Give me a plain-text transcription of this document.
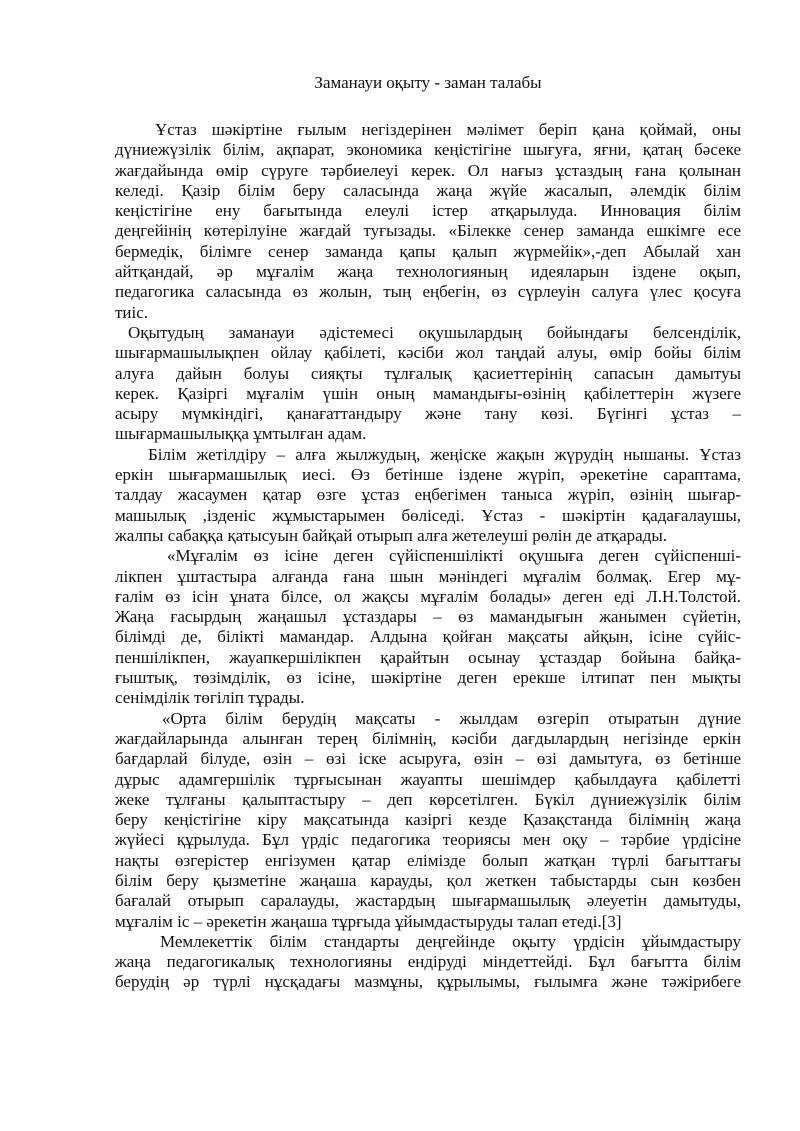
Заманауи оқыту - заман талабы
Ұстаз шәкіртіне ғылым негіздерінен мәлімет беріп қана қоймай, оны
дүниежүзілік білім, ақпарат, экономика кеңістігіне шығуға, яғни, қатаң бәсеке
жағдайында өмір сүруге тәрбиелеуі керек. Ол нағыз ұстаздың ғана қолынан
келеді. Қазір білім беру саласында жаңа жүйе жасалып, әлемдік білім
кеңістігіне ену бағытында елеулі істер атқарылуда. Инновация білім
деңгейінің көтерілуіне жағдай туғызады. «Білекке сенер заманда ешкімге есе
бермедік, білімге сенер заманда қапы қалып жүрмейік»,-деп Абылай хан
айтқандай, әр мұғалім жаңа технологияның идеяларын іздене оқып,
педагогика саласында өз жолын, тың еңбегін, өз сүрлеуін салуға үлес қосуға
тиіс.
Оқытудың заманауи әдістемесі оқушылардың бойындағы белсенділік,
шығармашылықпен ойлау қабілеті, кәсіби жол таңдай алуы, өмір бойы білім
алуға дайын болуы сияқты тұлғалық қасиеттерінің сапасын дамытуы
керек. Қазіргі мұғалім үшін оның мамандығы-өзінің қабілеттерін жүзеге
асыру мүмкіндігі, қанағаттандыру және тану көзі. Бүгінгі ұстаз –
шығармашылыққа ұмтылған адам.
Білім жетілдіру – алға жылжудың, жеңіске жақын жүрудің нышаны. Ұстаз
еркін шығармашылық иесі. Өз бетінше іздене жүріп, әрекетіне сараптама,
талдау жасаумен қатар өзге ұстаз еңбегімен таныса жүріп, өзінің шығар-
машылық ,ізденіс жұмыстарымен бөліседі. Ұстаз - шәкіртін қадағалаушы,
жалпы сабаққа қатысуын байқай отырып алға жетелеуші рөлін де атқарады.
«Мұғалім өз ісіне деген сүйіспеншілікті оқушыға деген сүйіспеншi-
лікпен ұштастыра алғанда ғана шын мәніндегі мұғалім болмақ. Егер мұ-
ғалім өз ісін ұната білсе, ол жақсы мұғалім болады» деген еді Л.Н.Толстой.
Жаңа ғасырдың жаңашыл ұстаздары – өз мамандығын жанымен сүйетін,
білімді де, білікті мамандар. Алдына қойған мақсаты айқын, ісіне сүйіс-
пеншілікпен, жауапкершілікпен қарайтын осынау ұстаздар бойына байқа-
ғыштық, төзімділік, өз ісіне, шәкіртіне деген ерекше ілтипат пен мықты
сенімділік төгіліп тұрады.
«Орта білім берудің мақсаты - жылдам өзгеріп отыратын дүние
жағдайларында алынған терең білімнің, кәсіби дағдылардың негізінде еркін
бағдарлай білуде, өзін – өзі іске асыруға, өзін – өзі дамытуға, өз бетінше
дұрыс адамгершілік тұрғысынан жауапты шешімдер қабылдауға қабілетті
жеке тұлғаны қалыптастыру – деп көрсетілген. Бүкіл дүниежүзілік білім
беру кеңістігіне кіру мақсатында казіргі кезде Қазақстанда білімнің жаңа
жүйесі құрылуда. Бұл үрдіс педагогика теориясы мен оқу – тәрбие үрдісіне
нақты өзгерістер енгізумен қатар елімізде болып жатқан түрлі бағыттағы
білім беру қызметіне жаңаша карауды, қол жеткен табыстарды сын көзбен
бағалай отырып саралауды, жастардың шығармашылық әлеуетін дамытуды,
мұғалім іс – әрекетін жаңаша тұрғыда ұйымдастыруды талап етеді.[3]
Мемлекеттік білім стандарты деңгейінде оқыту үрдісін ұйымдастыру
жаңа педагогикалық технологияны ендіруді міндеттейді. Бұл бағытта білім
берудің әр түрлі нұсқадағы мазмұны, құрылымы, ғылымға және тәжірибеге
